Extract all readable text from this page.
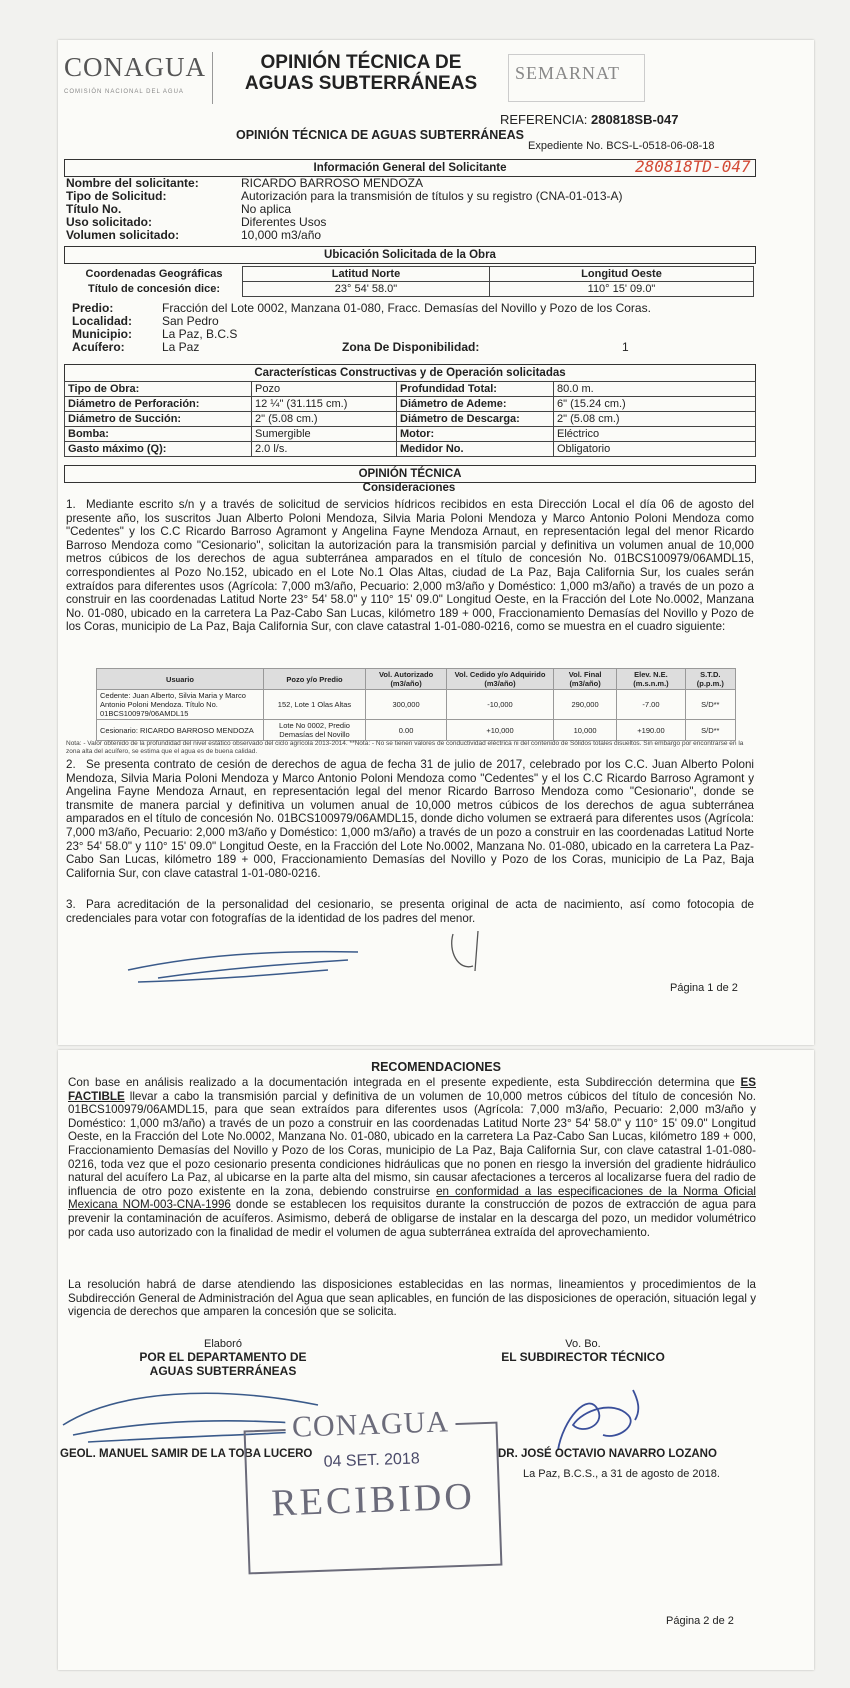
CONAGUA
COMISIÓN NACIONAL DEL AGUA
OPINIÓN TÉCNICA DE AGUAS SUBTERRÁNEAS	SEMARNAT
REFERENCIA: 280818SB-047
OPINIÓN TÉCNICA DE AGUAS SUBTERRÁNEAS
Expediente No. BCS-L-0518-06-08-18
280818TD-047
Información General del Solicitante
Nombre del solicitante:	RICARDO BARROSO MENDOZA
Tipo de Solicitud:	Autorización para la transmisión de títulos y su registro (CNA-01-013-A)
Título No.	No aplica
Uso solicitado:	Diferentes Usos
Volumen solicitado:	10,000 m3/año
Ubicación Solicitada de la Obra
Coordenadas Geográficas	Latitud Norte	Longitud Oeste
Título de concesión dice:	23° 54' 58.0"	110° 15' 09.0"
Predio:	Fracción del Lote 0002, Manzana 01-080, Fracc. Demasías del Novillo y Pozo de los Coras.
Localidad: San Pedro
Municipio:	La Paz, B.C.S
Acuífero:	La Paz	Zona De Disponibilidad:	1
Características Constructivas y de Operación solicitadas
Tipo de Obra:	Pozo	Profundidad Total:	80.0 m.
Diámetro de Perforación:	12 ¼" (31.115 cm.)	Diámetro de Ademe:	6" (15.24 cm.)
Diámetro de Succión:	2" (5.08 cm.)	Diámetro de Descarga:	2" (5.08 cm.)
Bomba:	Sumergible	Motor:	Eléctrico
Gasto máximo (Q):	2.0 l/s.	Medidor No.	Obligatorio
OPINIÓN TÉCNICA
Consideraciones
1. Mediante escrito s/n y a través de solicitud de servicios hídricos recibidos en esta Dirección Local el día 06 de agosto del presente año, los suscritos Juan Alberto Poloni Mendoza, Silvia Maria Poloni Mendoza y Marco Antonio Poloni Mendoza como "Cedentes" y los C.C Ricardo Barroso Agramont y Angelina Fayne Mendoza Arnaut, en representación legal del menor Ricardo Barroso Mendoza como "Cesionario", solicitan la autorización para la transmisión parcial y definitiva un volumen anual de 10,000 metros cúbicos de los derechos de agua subterránea amparados en el título de concesión No. 01BCS100979/06AMDL15, correspondientes al Pozo No.152, ubicado en el Lote No.1 Olas Altas, ciudad de La Paz, Baja California Sur, los cuales serán extraídos para diferentes usos (Agrícola: 7,000 m3/año, Pecuario: 2,000 m3/año y Doméstico: 1,000 m3/año) a través de un pozo a construir en las coordenadas Latitud Norte 23° 54' 58.0" y 110° 15' 09.0" Longitud Oeste, en la Fracción del Lote No.0002, Manzana No. 01-080, ubicado en la carretera La Paz-Cabo San Lucas, kilómetro 189 + 000, Fraccionamiento Demasías del Novillo y Pozo de los Coras, municipio de La Paz, Baja California Sur, con clave catastral 1-01-080-0216, como se muestra en el cuadro siguiente:
Usuario	Pozo y/o Predio	Vol. Autorizado (m3/año)	Vol. Cedido y/o Adquirido (m3/año)	Vol. Final (m3/año)	Elev. N.E. (m.s.n.m.)	S.T.D. (p.p.m.)
Cedente: Juan Alberto, Silvia Maria y Marco Antonio Poloni Mendoza. Título No. 01BCS100979/06AMDL15	152, Lote 1 Olas Altas	300,000	-10,000	290,000	-7.00	S/D**
Cesionario: RICARDO BARROSO MENDOZA	Lote No 0002, Predio Demasías del Novillo	0.00	+10,000	10,000	+190.00	S/D**
Nota: - Valor obtenido de la profundidad del nivel estático observado del ciclo agrícola 2013-2014. **Nota: - No se tienen valores de conductividad eléctrica ni del contenido de Sólidos totales disueltos. Sin embargo por encontrarse en la zona alta del acuífero, se estima que el agua es de buena calidad.
2. Se presenta contrato de cesión de derechos de agua de fecha 31 de julio de 2017, celebrado por los C.C. Juan Alberto Poloni Mendoza, Silvia Maria Poloni Mendoza y Marco Antonio Poloni Mendoza como "Cedentes" y el los C.C Ricardo Barroso Agramont y Angelina Fayne Mendoza Arnaut, en representación legal del menor Ricardo Barroso Mendoza como "Cesionario", donde se transmite de manera parcial y definitiva un volumen anual de 10,000 metros cúbicos de los derechos de agua subterránea amparados en el título de concesión No. 01BCS100979/06AMDL15, donde dicho volumen se extraerá para diferentes usos (Agrícola: 7,000 m3/año, Pecuario: 2,000 m3/año y Doméstico: 1,000 m3/año) a través de un pozo a construir en las coordenadas Latitud Norte 23° 54' 58.0" y 110° 15' 09.0" Longitud Oeste, en la Fracción del Lote No.0002, Manzana No. 01-080, ubicado en la carretera La Paz-Cabo San Lucas, kilómetro 189 + 000, Fraccionamiento Demasías del Novillo y Pozo de los Coras, municipio de La Paz, Baja California Sur, con clave catastral 1-01-080-0216.
3. Para acreditación de la personalidad del cesionario, se presenta original de acta de nacimiento, así como fotocopia de credenciales para votar con fotografías de la identidad de los padres del menor.
Página 1 de 2
RECOMENDACIONES
Con base en análisis realizado a la documentación integrada en el presente expediente, esta Subdirección determina que ES FACTIBLE llevar a cabo la transmisión parcial y definitiva de un volumen de 10,000 metros cúbicos del título de concesión No. 01BCS100979/06AMDL15, para que sean extraídos para diferentes usos (Agrícola: 7,000 m3/año, Pecuario: 2,000 m3/año y Doméstico: 1,000 m3/año) a través de un pozo a construir en las coordenadas Latitud Norte 23° 54' 58.0" y 110° 15' 09.0" Longitud Oeste, en la Fracción del Lote No.0002, Manzana No. 01-080, ubicado en la carretera La Paz-Cabo San Lucas, kilómetro 189 + 000, Fraccionamiento Demasías del Novillo y Pozo de los Coras, municipio de La Paz, Baja California Sur, con clave catastral 1-01-080-0216, toda vez que el pozo cesionario presenta condiciones hidráulicas que no ponen en riesgo la inversión del gradiente hidráulico natural del acuífero La Paz, al ubicarse en la parte alta del mismo, sin causar afectaciones a terceros al localizarse fuera del radio de influencia de otro pozo existente en la zona, debiendo construirse en conformidad a las especificaciones de la Norma Oficial Mexicana NOM-003-CNA-1996 donde se establecen los requisitos durante la construcción de pozos de extracción de agua para prevenir la contaminación de acuíferos. Asimismo, deberá de obligarse de instalar en la descarga del pozo, un medidor volumétrico por cada uso autorizado con la finalidad de medir el volumen de agua subterránea extraída del aprovechamiento.
La resolución habrá de darse atendiendo las disposiciones establecidas en las normas, lineamientos y procedimientos de la Subdirección General de Administración del Agua que sean aplicables, en función de las disposiciones de operación, situación legal y vigencia de derechos que amparen la concesión que se solicita.
Elaboró
POR EL DEPARTAMENTO DE
AGUAS SUBTERRÁNEAS
Vo. Bo.
EL SUBDIRECTOR TÉCNICO
GEOL. MANUEL SAMIR DE LA TOBA LUCERO	DR. JOSÉ OCTAVIO NAVARRO LOZANO
La Paz, B.C.S., a 31 de agosto de 2018.
CONAGUA
04 SET. 2018
RECIBIDO
Página 2 de 2
